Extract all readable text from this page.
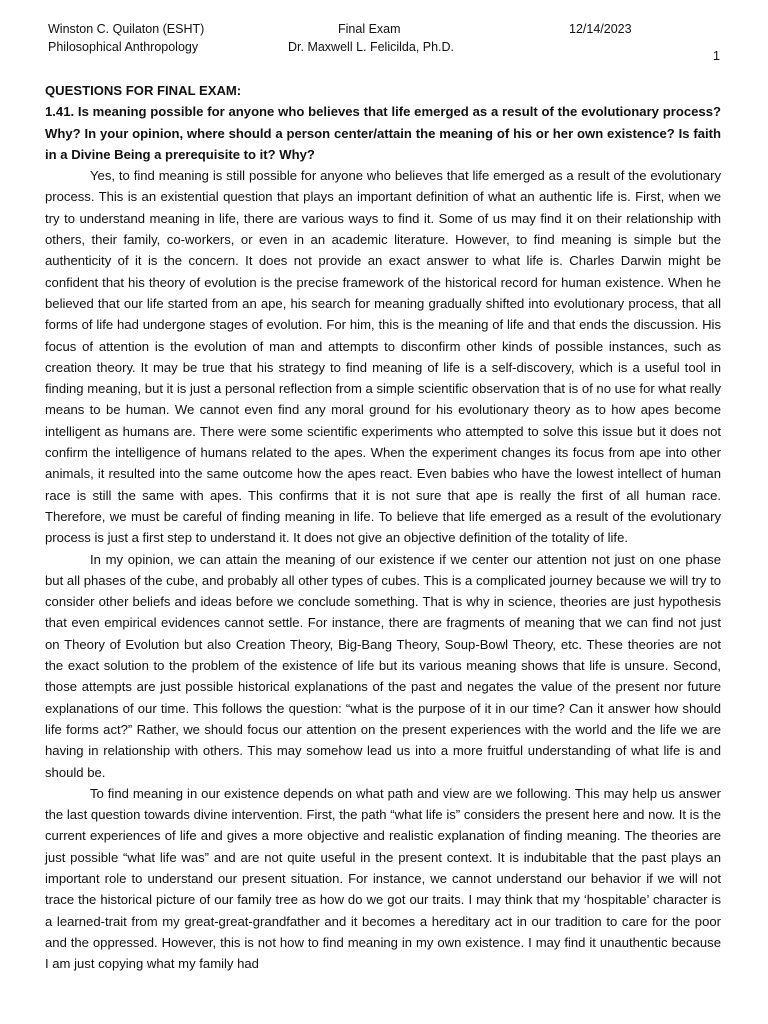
Winston C. Quilaton (ESHT)
Philosophical Anthropology
Final Exam
Dr. Maxwell L. Felicilda, Ph.D.
12/14/2023
1

QUESTIONS FOR FINAL EXAM:

1.41. Is meaning possible for anyone who believes that life emerged as a result of the evolutionary process? Why? In your opinion, where should a person center/attain the meaning of his or her own existence? Is faith in a Divine Being a prerequisite to it? Why?

Yes, to find meaning is still possible for anyone who believes that life emerged as a result of the evolutionary process. This is an existential question that plays an important definition of what an authentic life is. First, when we try to understand meaning in life, there are various ways to find it. Some of us may find it on their relationship with others, their family, co-workers, or even in an academic literature. However, to find meaning is simple but the authenticity of it is the concern. It does not provide an exact answer to what life is. Charles Darwin might be confident that his theory of evolution is the precise framework of the historical record for human existence. When he believed that our life started from an ape, his search for meaning gradually shifted into evolutionary process, that all forms of life had undergone stages of evolution. For him, this is the meaning of life and that ends the discussion. His focus of attention is the evolution of man and attempts to disconfirm other kinds of possible instances, such as creation theory. It may be true that his strategy to find meaning of life is a self-discovery, which is a useful tool in finding meaning, but it is just a personal reflection from a simple scientific observation that is of no use for what really means to be human. We cannot even find any moral ground for his evolutionary theory as to how apes become intelligent as humans are. There were some scientific experiments who attempted to solve this issue but it does not confirm the intelligence of humans related to the apes. When the experiment changes its focus from ape into other animals, it resulted into the same outcome how the apes react. Even babies who have the lowest intellect of human race is still the same with apes. This confirms that it is not sure that ape is really the first of all human race. Therefore, we must be careful of finding meaning in life. To believe that life emerged as a result of the evolutionary process is just a first step to understand it. It does not give an objective definition of the totality of life.

In my opinion, we can attain the meaning of our existence if we center our attention not just on one phase but all phases of the cube, and probably all other types of cubes. This is a complicated journey because we will try to consider other beliefs and ideas before we conclude something. That is why in science, theories are just hypothesis that even empirical evidences cannot settle. For instance, there are fragments of meaning that we can find not just on Theory of Evolution but also Creation Theory, Big-Bang Theory, Soup-Bowl Theory, etc. These theories are not the exact solution to the problem of the existence of life but its various meaning shows that life is unsure. Second, those attempts are just possible historical explanations of the past and negates the value of the present nor future explanations of our time. This follows the question: “what is the purpose of it in our time? Can it answer how should life forms act?” Rather, we should focus our attention on the present experiences with the world and the life we are having in relationship with others. This may somehow lead us into a more fruitful understanding of what life is and should be.

To find meaning in our existence depends on what path and view are we following. This may help us answer the last question towards divine intervention. First, the path “what life is” considers the present here and now. It is the current experiences of life and gives a more objective and realistic explanation of finding meaning. The theories are just possible “what life was” and are not quite useful in the present context. It is indubitable that the past plays an important role to understand our present situation. For instance, we cannot understand our behavior if we will not trace the historical picture of our family tree as how do we got our traits. I may think that my ‘hospitable’ character is a learned-trait from my great-great-grandfather and it becomes a hereditary act in our tradition to care for the poor and the oppressed. However, this is not how to find meaning in my own existence. I may find it unauthentic because I am just copying what my family had
